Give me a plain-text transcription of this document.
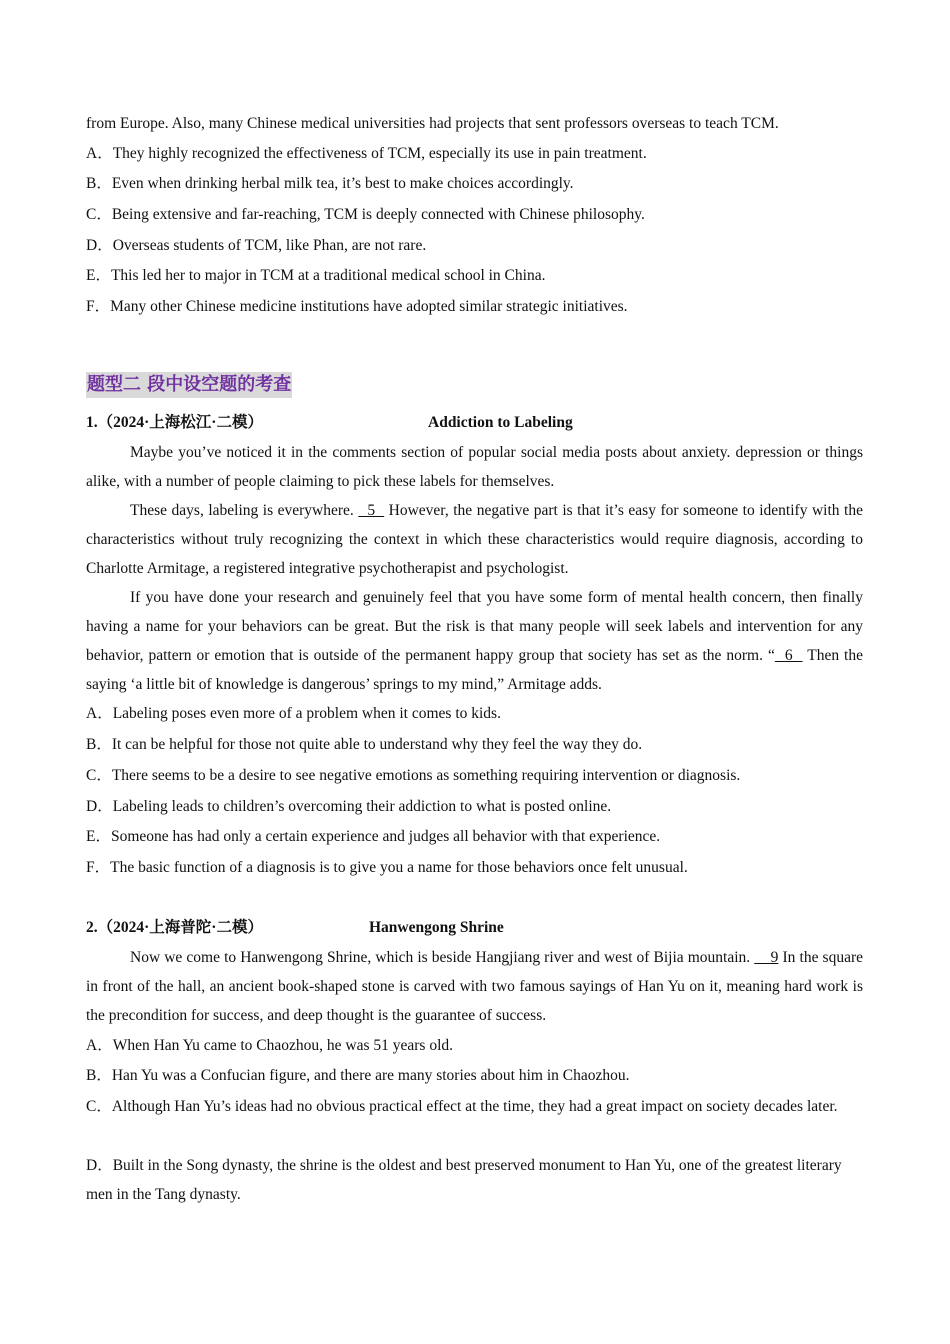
from Europe. Also, many Chinese medical universities had projects that sent professors overseas to teach TCM.
A．They highly recognized the effectiveness of TCM, especially its use in pain treatment.
B．Even when drinking herbal milk tea, it’s best to make choices accordingly.
C．Being extensive and far-reaching, TCM is deeply connected with Chinese philosophy.
D．Overseas students of TCM, like Phan, are not rare.
E．This led her to major in TCM at a traditional medical school in China.
F．Many other Chinese medicine institutions have adopted similar strategic initiatives.
题型二 段中设空题的考查
1.（2024·上海松江·二模）	Addiction to Labeling
Maybe you’ve noticed it in the comments section of popular social media posts about anxiety. depression or things alike, with a number of people claiming to pick these labels for themselves.
These days, labeling is everywhere.   5   However, the negative part is that it’s easy for someone to identify with the characteristics without truly recognizing the context in which these characteristics would require diagnosis, according to Charlotte Armitage, a registered integrative psychotherapist and psychologist.
If you have done your research and genuinely feel that you have some form of mental health concern, then finally having a name for your behaviors can be great. But the risk is that many people will seek labels and intervention for any behavior, pattern or emotion that is outside of the permanent happy group that society has set as the norm. “  6   Then the saying ‘a little bit of knowledge is dangerous’ springs to my mind,” Armitage adds.
A．Labeling poses even more of a problem when it comes to kids.
B．It can be helpful for those not quite able to understand why they feel the way they do.
C．There seems to be a desire to see negative emotions as something requiring intervention or diagnosis.
D．Labeling leads to children’s overcoming their addiction to what is posted online.
E．Someone has had only a certain experience and judges all behavior with that experience.
F．The basic function of a diagnosis is to give you a name for those behaviors once felt unusual.
2.（2024·上海普陀·二模）	Hanwengong Shrine
Now we come to Hanwengong Shrine, which is beside Hangjiang river and west of Bijia mountain.     9 In the square in front of the hall, an ancient book-shaped stone is carved with two famous sayings of Han Yu on it, meaning hard work is the precondition for success, and deep thought is the guarantee of success.
A．When Han Yu came to Chaozhou, he was 51 years old.
B．Han Yu was a Confucian figure, and there are many stories about him in Chaozhou.
C．Although Han Yu’s ideas had no obvious practical effect at the time, they had a great impact on society decades later.
D．Built in the Song dynasty, the shrine is the oldest and best preserved monument to Han Yu, one of the greatest literary men in the Tang dynasty.
